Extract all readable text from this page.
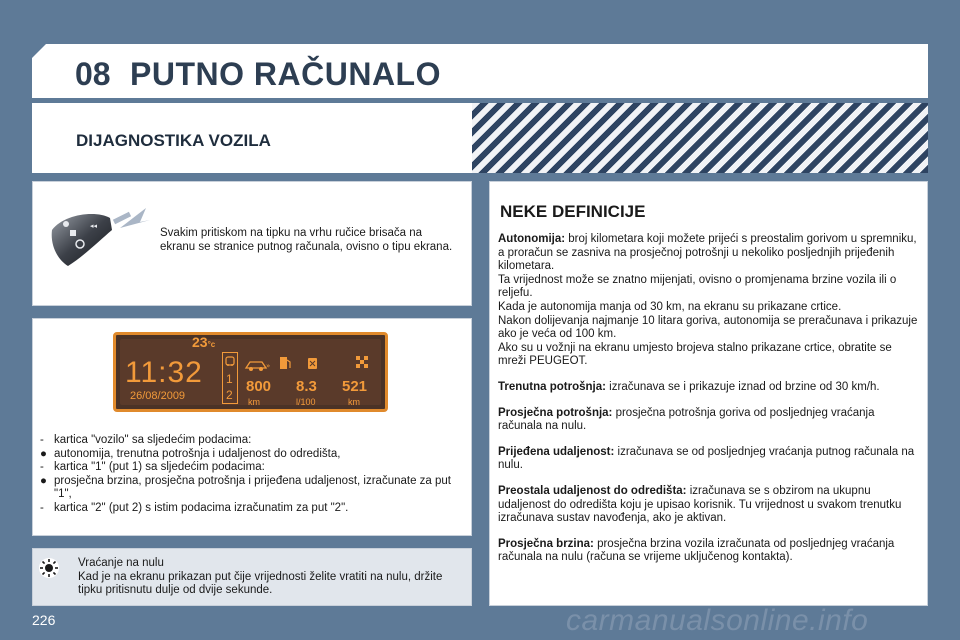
08 PUTNO RAČUNALO
DIJAGNOSTIKA VOZILA
◂◂
Svakim pritiskom na tipku na vrhu ručice brisača na ekranu se stranice putnog računala, ovisno o tipu ekrana.
23°c
11:32
26/08/2009
1
2
»
800
km
8.3
l/100
521
km
- kartica "vozilo" sa sljedećim podacima:
● autonomija, trenutna potrošnja i udaljenost do odredišta,
- kartica "1" (put 1) sa sljedećim podacima:
● prosječna brzina, prosječna potrošnja i prijeđena udaljenost, izračunate za put "1",
- kartica "2" (put 2) s istim podacima izračunatim za put "2".
Vraćanje na nulu
Kad je na ekranu prikazan put čije vrijednosti želite vratiti na nulu, držite tipku pritisnutu dulje od dvije sekunde.
NEKE DEFINICIJE
Autonomija: broj kilometara koji možete prijeći s preostalim gorivom u spremniku, a proračun se zasniva na prosječnoj potrošnji u nekoliko posljednjih prijeđenih kilometara.
Ta vrijednost može se znatno mijenjati, ovisno o promjenama brzine vozila ili o reljefu.
Kada je autonomija manja od 30 km, na ekranu su prikazane crtice.
Nakon dolijevanja najmanje 10 litara goriva, autonomija se preračunava i prikazuje ako je veća od 100 km.
Ako su u vožnji na ekranu umjesto brojeva stalno prikazane crtice, obratite se mreži PEUGEOT.
Trenutna potrošnja: izračunava se i prikazuje iznad od brzine od 30 km/h.
Prosječna potrošnja: prosječna potrošnja goriva od posljednjeg vraćanja računala na nulu.
Prijeđena udaljenost: izračunava se od posljednjeg vraćanja putnog računala na nulu.
Preostala udaljenost do odredišta: izračunava se s obzirom na ukupnu udaljenost do odredišta koju je upisao korisnik. Tu vrijednost u svakom trenutku izračunava sustav navođenja, ako je aktivan.
Prosječna brzina: prosječna brzina vozila izračunata od posljednjeg vraćanja računala na nulu (računa se vrijeme uključenog kontakta).
226	carmanualsonline.info
